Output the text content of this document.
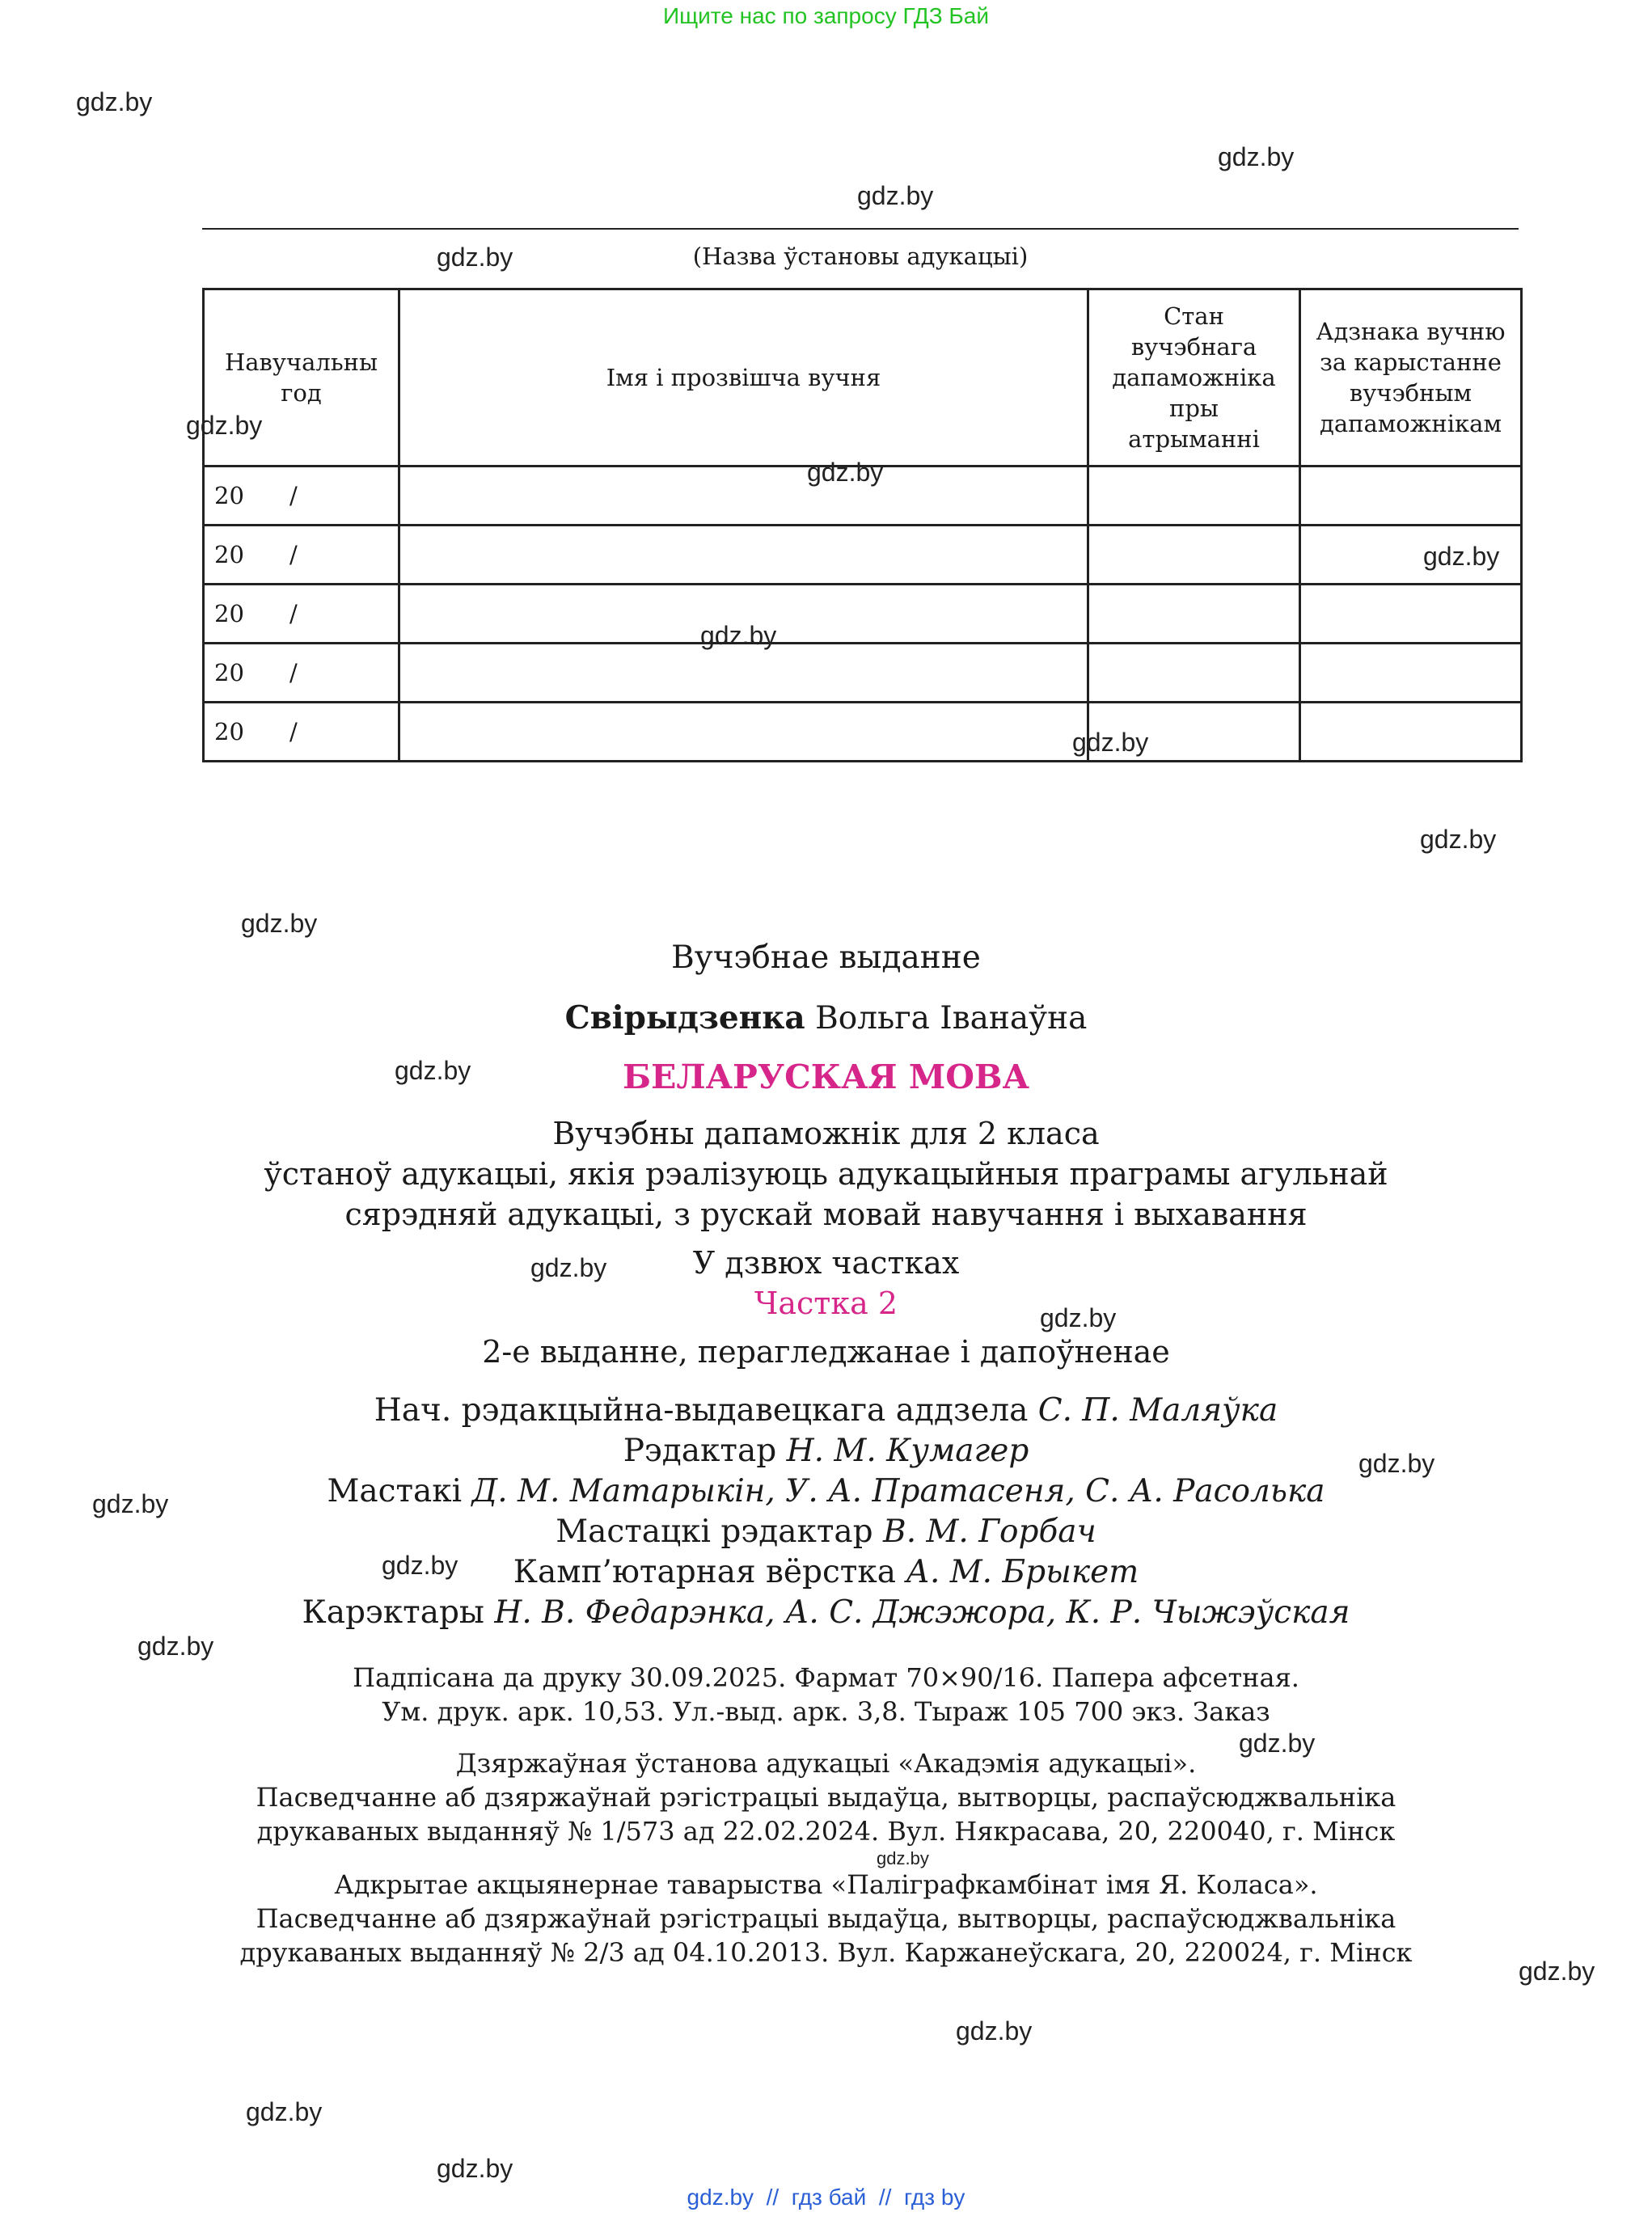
Ищите нас по запросу ГДЗ Бай
gdz.by
gdz.by
gdz.by
gdz.by
gdz.by
gdz.by
gdz.by
gdz.by
gdz.by
gdz.by
gdz.by
gdz.by
gdz.by
gdz.by
gdz.by
gdz.by
gdz.by
gdz.by
gdz.by
gdz.by
gdz.by
gdz.by
gdz.by
gdz.by
(Назва ўстановы адукацыі)
Навучальны год	Імя і прозвішча вучня	Стан вучэбнага дапаможніка пры атрыманні	Адзнака вучню за карыстанне вучэбным дапаможнікам

20 /			

20 /			

20 /			

20 /			

20 /			

Вучэбнае выданне
Свірыдзенка Вольга Іванаўна
БЕЛАРУСКАЯ МОВА
Вучэбны дапаможнік для 2 класа
ўстаноў адукацыі, якія рэалізуюць адукацыйныя праграмы агульнай
сярэдняй адукацыі, з рускай мовай навучання і выхавання
У дзвюх частках
Частка 2
2-е выданне, перагледжанае і дапоўненае
Нач. рэдакцыйна-выдавецкага аддзела С. П. Маляўка
Рэдактар Н. М. Кумагер
Мастакі Д. М. Матарыкін, У. А. Пратасеня, С. А. Расолька
Мастацкі рэдактар В. М. Горбач
Камп’ютарная вёрстка А. М. Брыкет
Карэктары Н. В. Федарэнка, А. С. Джэжора, К. Р. Чыжэўская
Падпісана да друку 30.09.2025. Фармат 70×90/16. Папера афсетная.
Ум. друк. арк. 10,53. Ул.-выд. арк. 3,8. Тыраж 105 700 экз. Заказ
Дзяржаўная ўстанова адукацыі «Акадэмія адукацыі».
Пасведчанне аб дзяржаўнай рэгістрацыі выдаўца, вытворцы, распаўсюджвальніка
друкаваных выданняў № 1/573 ад 22.02.2024. Вул. Някрасава, 20, 220040, г. Мінск
Адкрытае акцыянернае таварыства «Паліграфкамбінат імя Я. Коласа».
Пасведчанне аб дзяржаўнай рэгістрацыі выдаўца, вытворцы, распаўсюджвальніка
друкаваных выданняў № 2/3 ад 04.10.2013. Вул. Каржанеўскага, 20, 220024, г. Мінск
gdz.by // гдз бай // гдз by
